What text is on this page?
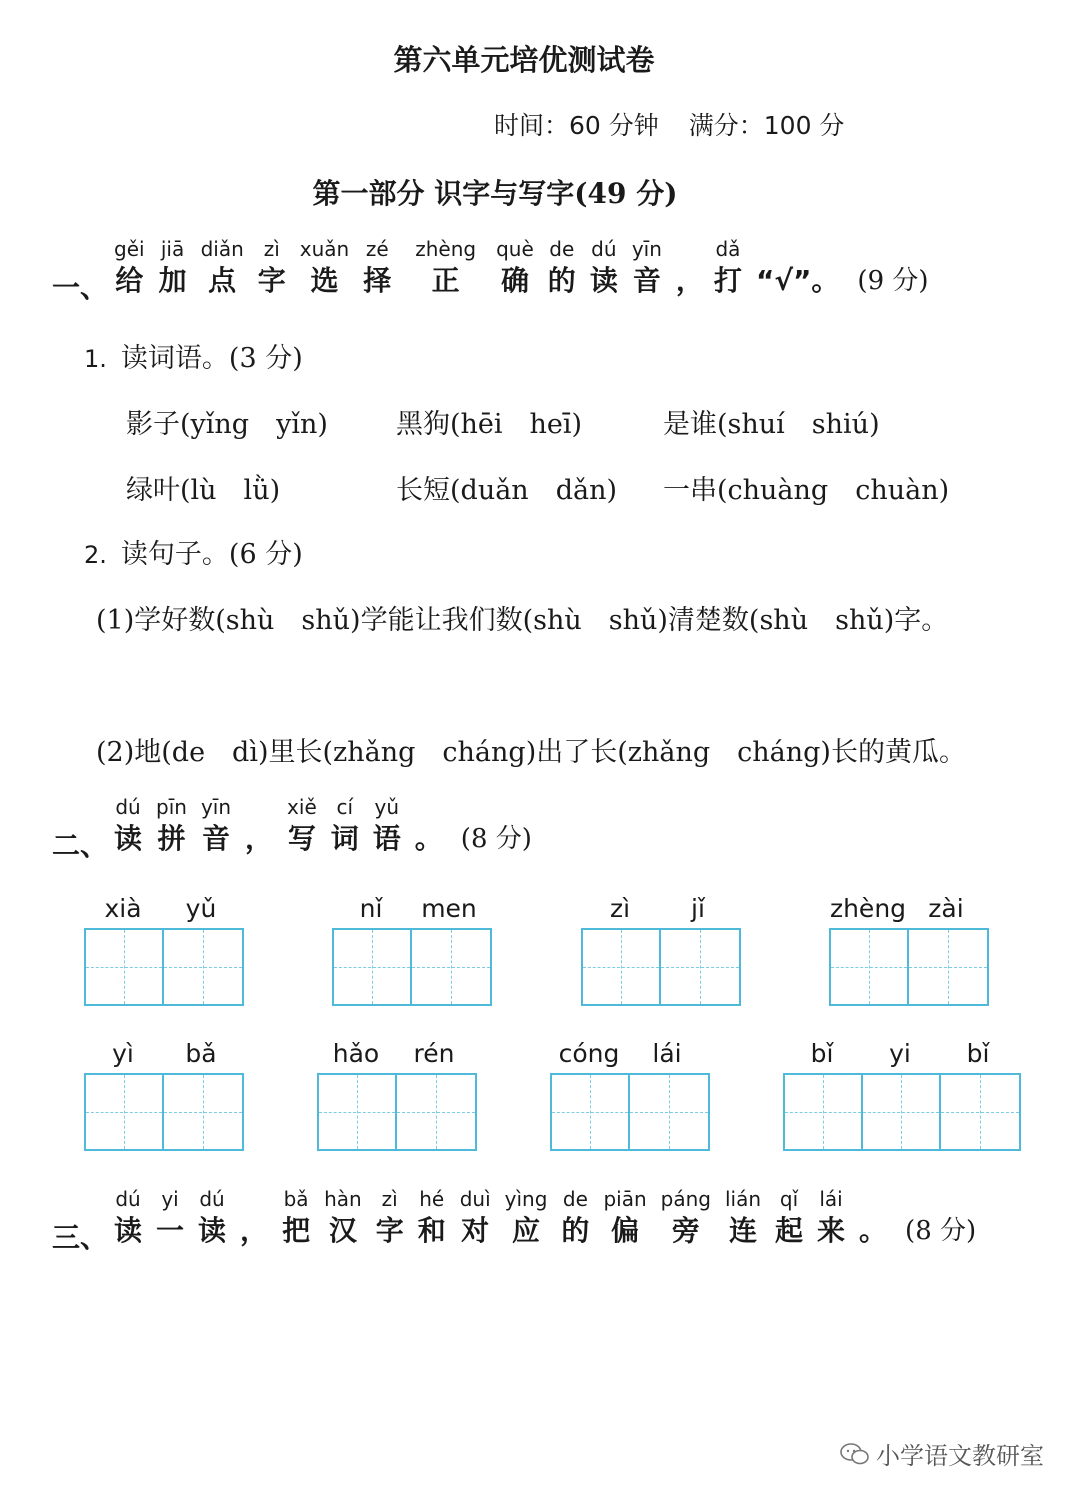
第六单元培优测试卷
时间：60 分钟 满分：100 分
第一部分 识字与写字(49 分)
一、
gěi
给
jiā
加
diǎn
点
zì
字
xuǎn
选
zé
择
zhèng
正
què
确
de
的
dú
读
yīn
音 ，
dǎ
打 “√”。 (9 分)
1. 读词语。(3 分)
影子(yǐng　yǐn)	黑狗(hēi　heī)	是谁(shuí　shiú)
绿叶(lù　lǜ)	长短(duǎn　dǎn) 一串(chuàng　chuàn)
2. 读句子。(6 分)
(1)学好数(shù　shǔ)学能让我们数(shù　shǔ)清楚数(shù　shǔ)字。
(2)地(de　dì)里长(zhǎng　cháng)出了长(zhǎng　cháng)长的黄瓜。
二、
dú
读
pīn
拼
yīn
音 ，
xiě
写
cí
词
yǔ
语 。 (8 分)
xià	yǔ	nǐ	men	zì	jǐ	zhèng zài
yì	bǎ	hǎo	rén	cóng	lái	bǐ	yi	bǐ
三、
dú
读
yi
一
dú
读 ，
bǎ
把
hàn
汉
zì
字
hé
和
duì
对
yìng
应
de
的
piān
偏
páng
旁
lián
连
qǐ
起
lái
来 。 (8 分)
小学语文教研室
